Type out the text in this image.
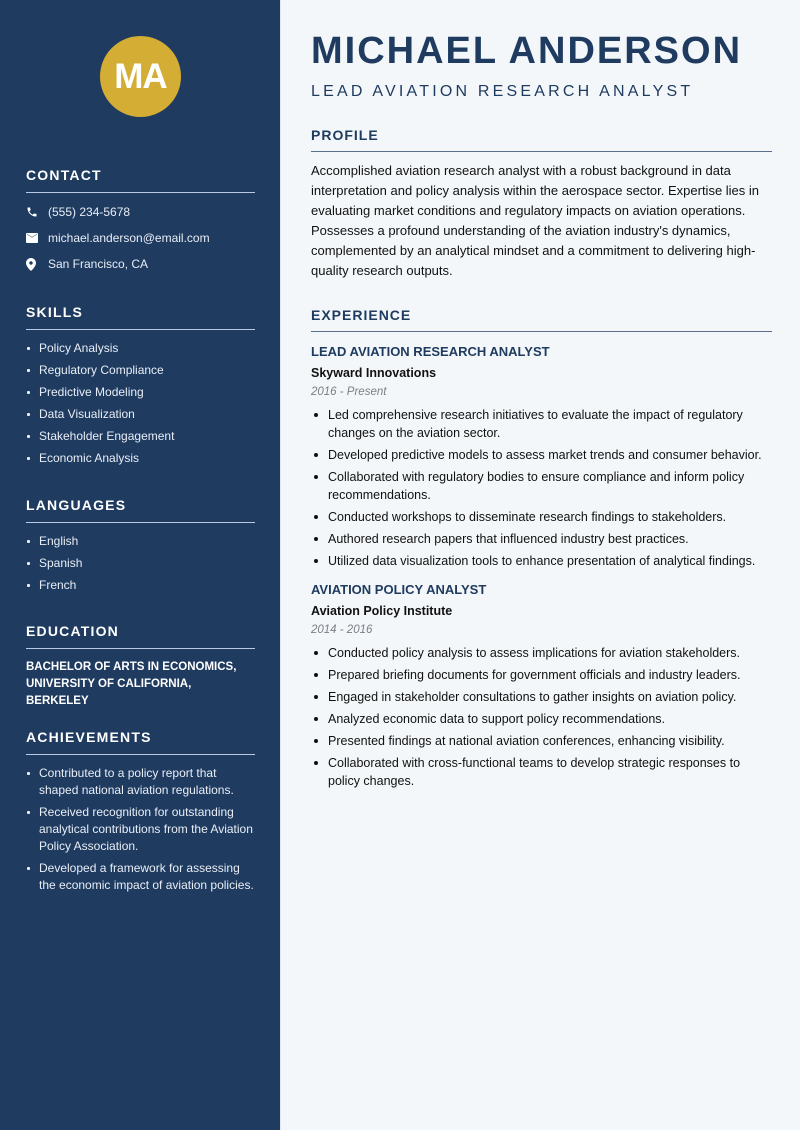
MA
CONTACT
(555) 234-5678
michael.anderson@email.com
San Francisco, CA
SKILLS
Policy Analysis
Regulatory Compliance
Predictive Modeling
Data Visualization
Stakeholder Engagement
Economic Analysis
LANGUAGES
English
Spanish
French
EDUCATION

BACHELOR OF ARTS IN ECONOMICS, UNIVERSITY OF CALIFORNIA, BERKELEY

ACHIEVEMENTS
Contributed to a policy report that shaped national aviation regulations.
Received recognition for outstanding analytical contributions from the Aviation Policy Association.
Developed a framework for assessing the economic impact of aviation policies.
MICHAEL ANDERSON
LEAD AVIATION RESEARCH ANALYST
PROFILE

Accomplished aviation research analyst with a robust background in data interpretation and policy analysis within the aerospace sector. Expertise lies in evaluating market conditions and regulatory impacts on aviation operations. Possesses a profound understanding of the aviation industry's dynamics, complemented by an analytical mindset and a commitment to delivering high-quality research outputs.

EXPERIENCE
LEAD AVIATION RESEARCH ANALYST
Skyward Innovations
2016 - Present
Led comprehensive research initiatives to evaluate the impact of regulatory changes on the aviation sector.
Developed predictive models to assess market trends and consumer behavior.
Collaborated with regulatory bodies to ensure compliance and inform policy recommendations.
Conducted workshops to disseminate research findings to stakeholders.
Authored research papers that influenced industry best practices.
Utilized data visualization tools to enhance presentation of analytical findings.
AVIATION POLICY ANALYST
Aviation Policy Institute
2014 - 2016
Conducted policy analysis to assess implications for aviation stakeholders.
Prepared briefing documents for government officials and industry leaders.
Engaged in stakeholder consultations to gather insights on aviation policy.
Analyzed economic data to support policy recommendations.
Presented findings at national aviation conferences, enhancing visibility.
Collaborated with cross-functional teams to develop strategic responses to policy changes.
